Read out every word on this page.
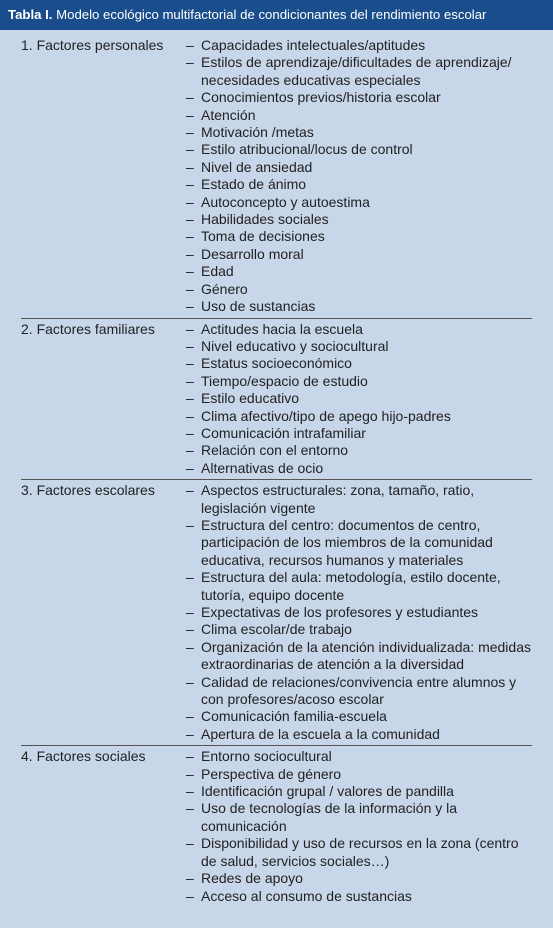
Tabla I. Modelo ecológico multifactorial de condicionantes del rendimiento escolar
1. Factores personales	– Capacidades intelectuales/aptitudes
– Estilos de aprendizaje/dificultades de aprendizaje/ necesidades educativas especiales
– Conocimientos previos/historia escolar
– Atención
– Motivación /metas
– Estilo atribucional/locus de control
– Nivel de ansiedad
– Estado de ánimo
– Autoconcepto y autoestima
– Habilidades sociales
– Toma de decisiones
– Desarrollo moral
– Edad
– Género
– Uso de sustancias
2. Factores familiares	– Actitudes hacia la escuela
– Nivel educativo y sociocultural
– Estatus socioeconómico
– Tiempo/espacio de estudio
– Estilo educativo
– Clima afectivo/tipo de apego hijo-padres
– Comunicación intrafamiliar
– Relación con el entorno
– Alternativas de ocio
3. Factores escolares	– Aspectos estructurales: zona, tamaño, ratio, legislación vigente
– Estructura del centro: documentos de centro, participación de los miembros de la comunidad educativa, recursos humanos y materiales
– Estructura del aula: metodología, estilo docente, tutoría, equipo docente
– Expectativas de los profesores y estudiantes
– Clima escolar/de trabajo
– Organización de la atención individualizada: medidas extraordinarias de atención a la diversidad
– Calidad de relaciones/convivencia entre alumnos y con profesores/acoso escolar
– Comunicación familia-escuela
– Apertura de la escuela a la comunidad
4. Factores sociales	– Entorno sociocultural
– Perspectiva de género
– Identificación grupal / valores de pandilla
– Uso de tecnologías de la información y la comunicación
– Disponibilidad y uso de recursos en la zona (centro de salud, servicios sociales…)
– Redes de apoyo
– Acceso al consumo de sustancias
